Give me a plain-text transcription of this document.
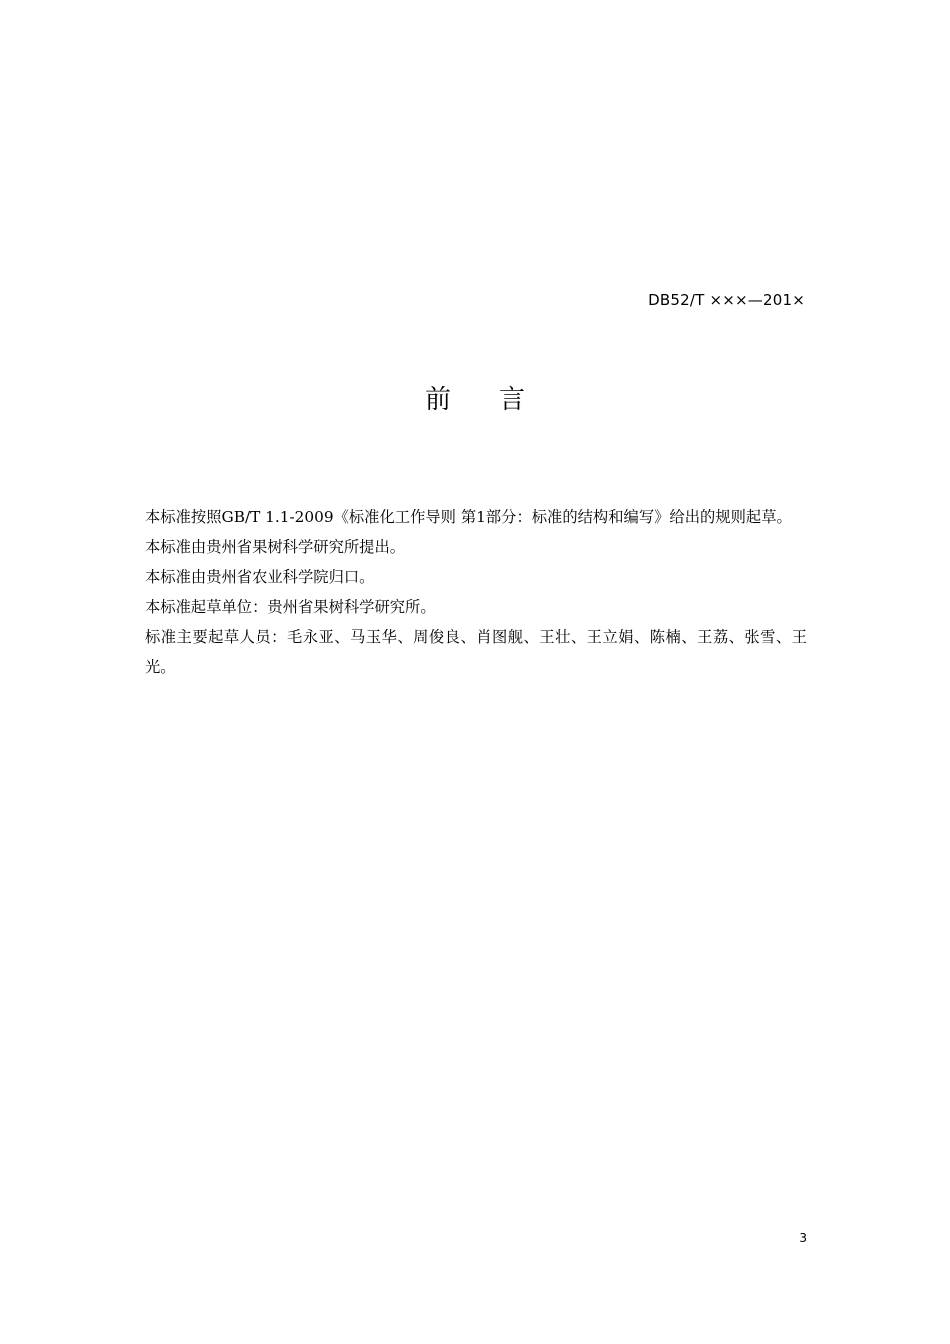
DB52/T ×××—201×
前言

本标准按照GB/T 1.1-2009《标准化工作导则 第1部分：标准的结构和编写》给出的规则起草。

本标准由贵州省果树科学研究所提出。

本标准由贵州省农业科学院归口。

本标准起草单位：贵州省果树科学研究所。

标准主要起草人员：毛永亚、马玉华、周俊良、肖图舰、王壮、王立娟、陈楠、王荔、张雪、王光。

3
